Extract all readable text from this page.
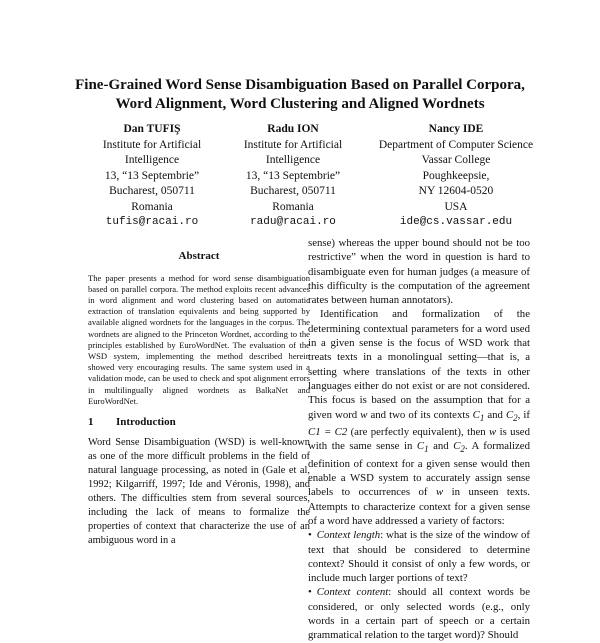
Fine-Grained Word Sense Disambiguation Based on Parallel Corpora,
Word Alignment, Word Clustering and Aligned Wordnets
Dan TUFIŞ
Institute for Artificial
Intelligence
13, “13 Septembrie”
Bucharest, 050711
Romania
tufis@racai.ro
Radu ION
Institute for Artificial
Intelligence
13, “13 Septembrie”
Bucharest, 050711
Romania
radu@racai.ro
Nancy IDE
Department of Computer Science
Vassar College
Poughkeepsie,
NY 12604-0520
USA
ide@cs.vassar.edu
Abstract

The paper presents a method for word sense disambiguation based on parallel corpora. The method exploits recent advances in word alignment and word clustering based on automatic extraction of translation equivalents and being supported by available aligned wordnets for the languages in the corpus. The wordnets are aligned to the Princeton Wordnet, according to the principles established by EuroWordNet. The evaluation of the WSD system, implementing the method described herein showed very encouraging results. The same system used in a validation mode, can be used to check and spot alignment errors in multilingually aligned wordnets as BalkaNet and EuroWordNet.

1 Introduction

Word Sense Disambiguation (WSD) is well-known as one of the more difficult problems in the field of natural language processing, as noted in (Gale et al, 1992; Kilgarriff, 1997; Ide and Véronis, 1998), and others. The difficulties stem from several sources, including the lack of means to formalize the properties of context that characterize the use of an ambiguous word in a

sense) whereas the upper bound should not be too restrictive” when the word in question is hard to disambiguate even for human judges (a measure of this difficulty is the computation of the agreement rates between human annotators).

Identification and formalization of the determining contextual parameters for a word used in a given sense is the focus of WSD work that treats texts in a monolingual setting—that is, a setting where translations of the texts in other languages either do not exist or are not considered. This focus is based on the assumption that for a given word w and two of its contexts $C_1$ and $C_2$, if C1 = C2 (are perfectly equivalent), then w is used with the same sense in $C_1$ and $C_2$. A formalized definition of context for a given sense would then enable a WSD system to accurately assign sense labels to occurrences of w in unseen texts. Attempts to characterize context for a given sense of a word have addressed a variety of factors:

• Context length: what is the size of the window of text that should be considered to determine context? Should it consist of only a few words, or include much larger portions of text?

• Context content: should all context words be considered, or only selected words (e.g., only words in a certain part of speech or a certain grammatical relation to the target word)? Should
